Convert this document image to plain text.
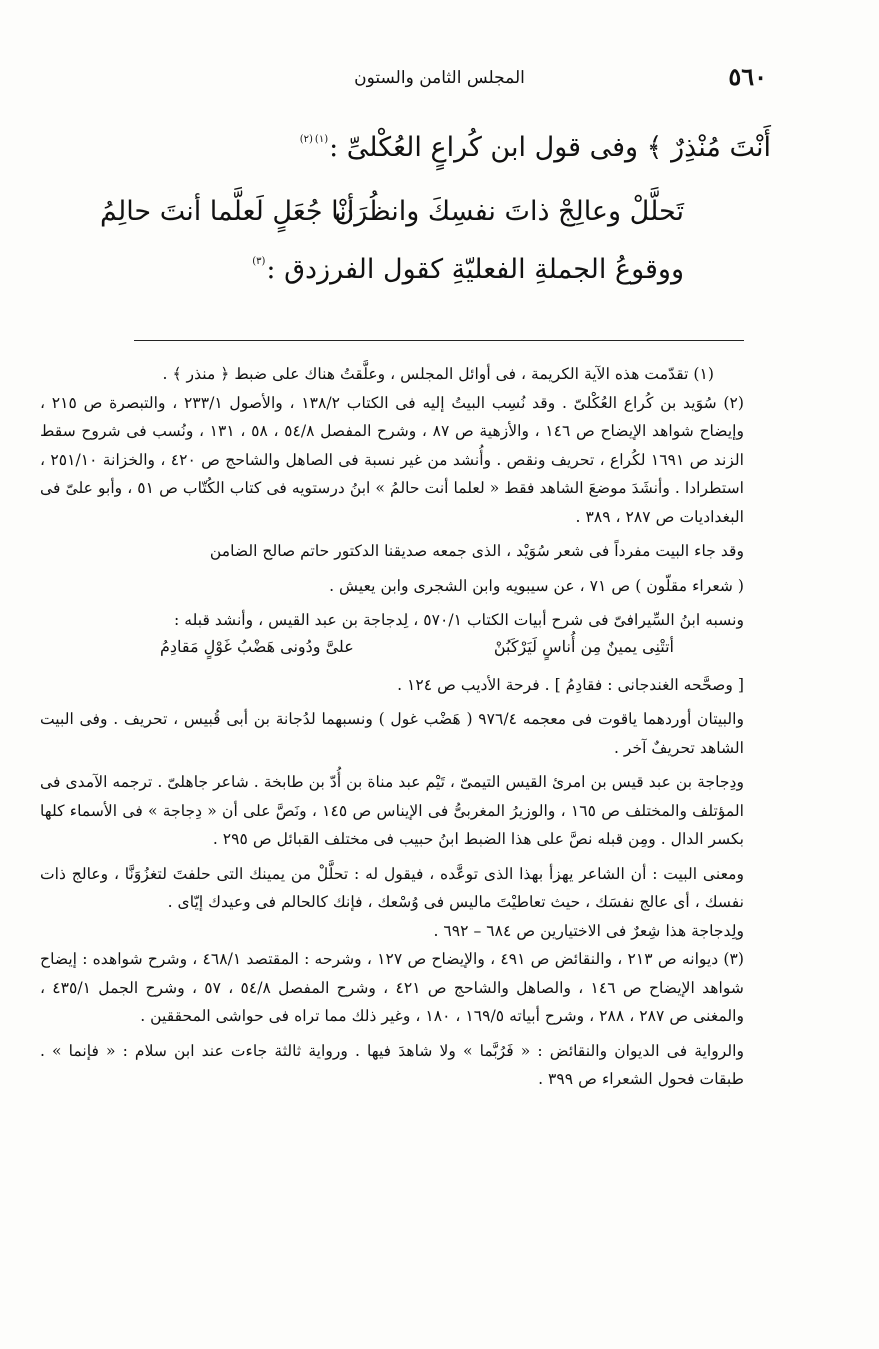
٥٦٠
المجلس الثامن والستون
أَنْتَ مُنْذِرٌ ﴾ وفى قول ابن كُراعٍ العُكْلىِّ :$^{(١)(٢)}$
تَحلَّلْ وعالِجْ ذاتَ نفسِكَ وانظُرَنْ
أبا جُعَلٍ لَعلَّما أنتَ حالِمُ
ووقوعُ الجملةِ الفعليّةِ كقول الفرزدق :$^{(٣)}$

(١) تقدّمت هذه الآية الكريمة ، فى أوائل المجلس ، وعلَّقتُ هناك على ضبط ﴿ منذر ﴾ .

(٢) سُوَيد بن كُراع العُكْلىّ . وقد نُسِب البيتُ إليه فى الكتاب ١٣٨/٢ ، والأصول ٢٣٣/١ ، والتبصرة ص ٢١٥ ، وإيضاح شواهد الإيضاح ص ١٤٦ ، والأزهية ص ٨٧ ، وشرح المفصل ٥٤/٨ ، ٥٨ ، ١٣١ ، ونُسب فى شروح سقط الزند ص ١٦٩١ لكُراع ، تحريف ونقص . وأُنشد من غير نسبة فى الصاهل والشاحج ص ٤٢٠ ، والخزانة ٢٥١/١٠ ، استطرادا . وأنشَدَ موضعَ الشاهد فقط « لعلما أنت حالمُ » ابنُ درستويه فى كتاب الكُتّاب ص ٥١ ، وأبو علىّ فى البغداديات ص ٢٨٧ ، ٣٨٩ .

وقد جاء البيت مفرداً فى شعر سُوَيْد ، الذى جمعه صديقنا الدكتور حاتم صالح الضامن

( شعراء مقلّون ) ص ٧١ ، عن سيبويه وابن الشجرى وابن يعيش .

ونسبه ابنُ السِّيرافىّ فى شرح أبيات الكتاب ٥٧٠/١ ، لِدجاجة بن عبد القيس ، وأنشد قبله :

أتتْنِى يمينٌ مِن أُناسٍ لَيَرْكَبُنْ
علىَّ ودُونى هَضْبُ غَوْلٍ مَقادِمُ

[ وصحَّحه الغندجانى : فقادِمُ ] . فرحة الأديب ص ١٢٤ .

والبيتان أوردهما ياقوت فى معجمه ٩٧٦/٤ ( هَضْب غول ) ونسبهما لدُجانة بن أبى قُبيس ، تحريف . وفى البيت الشاهد تحريفٌ آخر .

ودِجاجة بن عبد قيس بن امرئ القيس التيمىّ ، تَيْم عبد مناة بن أُدّ بن طابخة . شاعر جاهلىّ . ترجمه الآمدى فى المؤتلف والمختلف ص ١٦٥ ، والوزيرُ المغربىُّ فى الإيناس ص ١٤٥ ، ونَصَّ على أن « دِجاجة » فى الأسماء كلها بكسر الدال . ومِن قبله نصَّ على هذا الضبط ابنُ حبيب فى مختلف القبائل ص ٢٩٥ .

ومعنى البيت : أن الشاعر يهزأ بهذا الذى توعَّده ، فيقول له : تحلَّلْ من يمينك التى حلفتَ لتغزُوَنَّا ، وعالج ذات نفسك ، أى عالج نفسَك ، حيث تعاطيْتَ ماليس فى وُسْعك ، فإنك كالحالم فى وعيدك إيّاى .

ولِدجاجة هذا شِعرٌ فى الاختيارين ص ٦٨٤ – ٦٩٢ .

(٣) ديوانه ص ٢١٣ ، والنقائض ص ٤٩١ ، والإيضاح ص ١٢٧ ، وشرحه : المقتصد ٤٦٨/١ ، وشرح شواهده : إيضاح شواهد الإيضاح ص ١٤٦ ، والصاهل والشاحج ص ٤٢١ ، وشرح المفصل ٥٤/٨ ، ٥٧ ، وشرح الجمل ٤٣٥/١ ، والمغنى ص ٢٨٧ ، ٢٨٨ ، وشرح أبياته ١٦٩/٥ ، ١٨٠ ، وغير ذلك مما تراه فى حواشى المحققين .

والرواية فى الديوان والنقائض : « فَرُبَّما » ولا شاهدَ فيها . ورواية ثالثة جاءت عند ابن سلام : « فإنما » . طبقات فحول الشعراء ص ٣٩٩ .
